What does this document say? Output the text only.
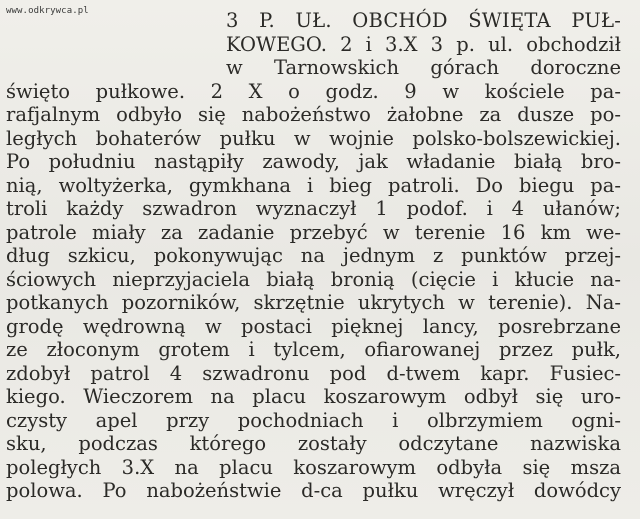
www.odkrywca.pl	3 P. UŁ. OBCHÓD ŚWIĘTA PUŁ-
KOWEGO. 2 i 3.X 3 p. ul. obchodził
w Tarnowskich górach doroczne
święto pułkowe. 2 X o godz. 9 w kościele pa-
rafjalnym odbyło się nabożeństwo żałobne za dusze po-
ległych bohaterów pułku w wojnie polsko-bolszewickiej.
Po południu nastąpiły zawody, jak władanie białą bro-
nią, woltyżerka, gymkhana i bieg patroli. Do biegu pa-
troli każdy szwadron wyznaczył 1 podof. i 4 ułanów;
patrole miały za zadanie przebyć w terenie 16 km we-
dług szkicu, pokonywując na jednym z punktów przej-
ściowych nieprzyjaciela białą bronią (cięcie i kłucie na-
potkanych pozorników, skrzętnie ukrytych w terenie). Na-
grodę wędrowną w postaci pięknej lancy, posrebrzane
ze złoconym grotem i tylcem, ofiarowanej przez pułk,
zdobył patrol 4 szwadronu pod d-twem kapr. Fusiec-
kiego. Wieczorem na placu koszarowym odbył się uro-
czysty apel przy pochodniach i olbrzymiem ogni-
sku, podczas którego zostały odczytane nazwiska
poległych 3.X na placu koszarowym odbyła się msza
polowa. Po nabożeństwie d-ca pułku wręczył dowódcy
